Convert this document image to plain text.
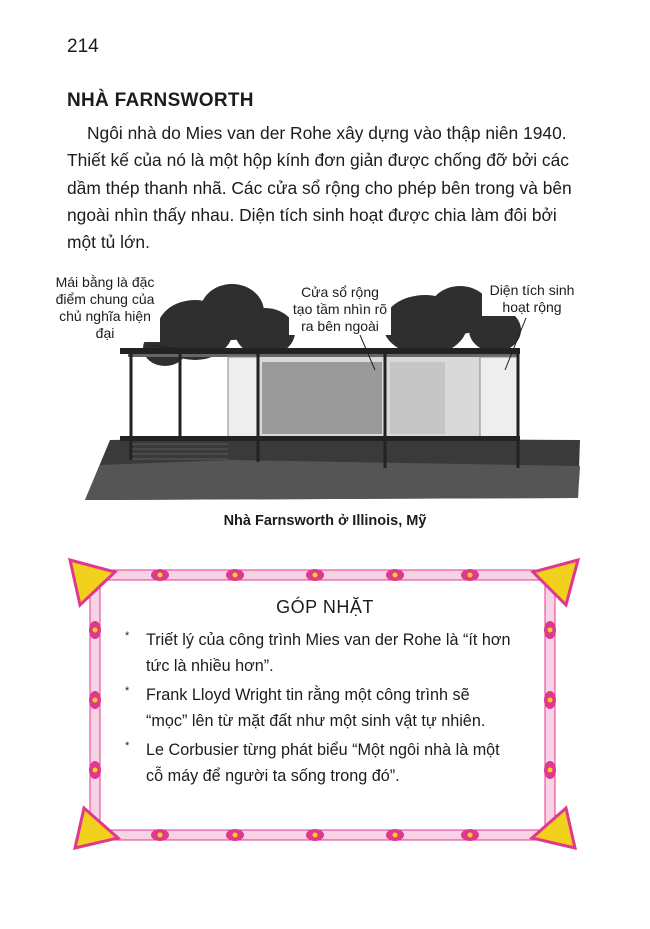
214
NHÀ FARNSWORTH

Ngôi nhà do Mies van der Rohe xây dựng vào thập niên 1940. Thiết kế của nó là một hộp kính đơn giản được chống đỡ bởi các dầm thép thanh nhã. Các cửa sổ rộng cho phép bên trong và bên ngoài nhìn thấy nhau. Diện tích sinh hoạt được chia làm đôi bởi một tủ lớn.

Mái bằng là đặc điểm chung của chủ nghĩa hiện đại
Cửa sổ rộng tạo tầm nhìn rõ ra bên ngoài
Diện tích sinh hoạt rộng
Nhà Farnsworth ở Illinois, Mỹ
GÓP NHẶT
* Triết lý của công trình Mies van der Rohe là “ít hơn tức là nhiều hơn”.
* Frank Lloyd Wright tin rằng một công trình sẽ “mọc” lên từ mặt đất như một sinh vật tự nhiên.
* Le Corbusier từng phát biểu “Một ngôi nhà là một cỗ máy để người ta sống trong đó”.
